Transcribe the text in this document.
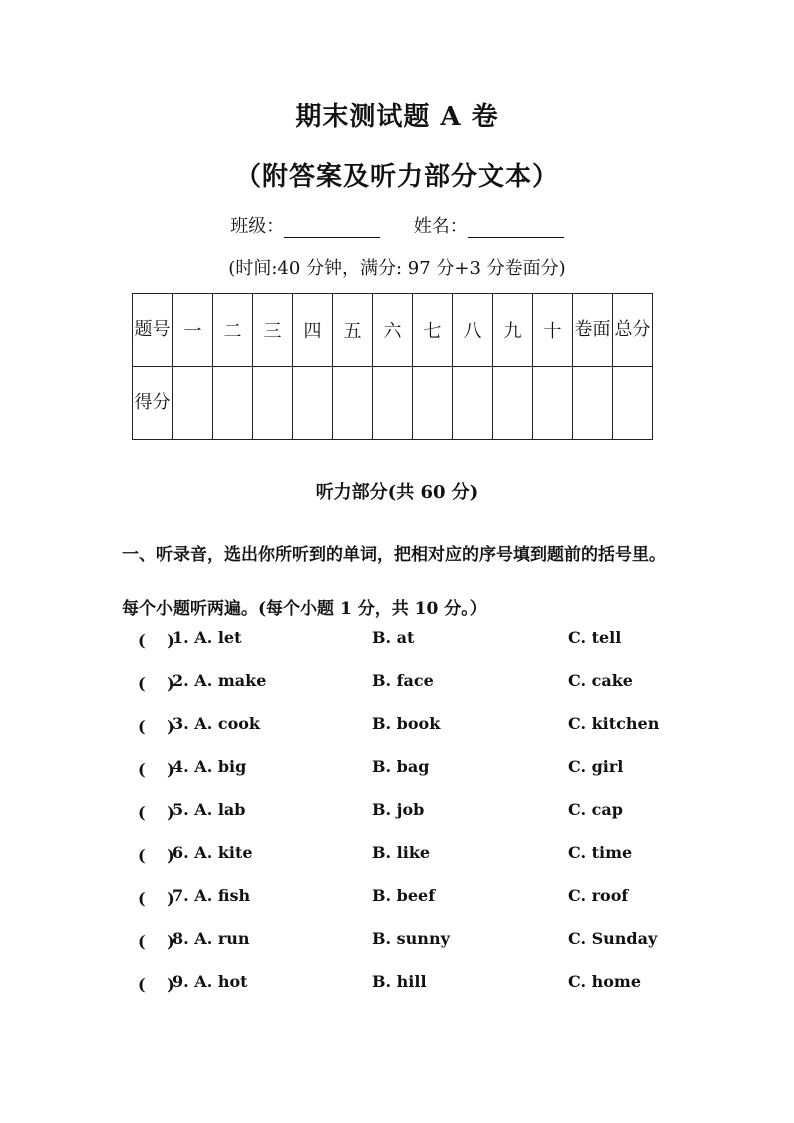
期末测试题 A 卷
（附答案及听力部分文本）
班级：	姓名：
(时间:40 分钟，满分: 97 分+3 分卷面分)
题号	一	二	三	四	五	六	七	八	九	十	卷面	总分
得分												
听力部分(共 60 分)
一、听录音，选出你所听到的单词，把相对应的序号填到题前的括号里。每个小题听两遍。(每个小题 1 分，共 10 分。）
(　 )
1. A. let	B. at	C. tell
(　 )
2. A. make	B. face	C. cake
(　 )
3. A. cook	B. book	C. kitchen
(　 )
4. A. big	B. bag	C. girl
(　 )
5. A. lab	B. job	C. cap
(　 )
6. A. kite	B. like	C. time
(　 )
7. A. fish	B. beef	C. roof
(　 )
8. A. run	B. sunny	C. Sunday
(　 )
9. A. hot	B. hill	C. home
